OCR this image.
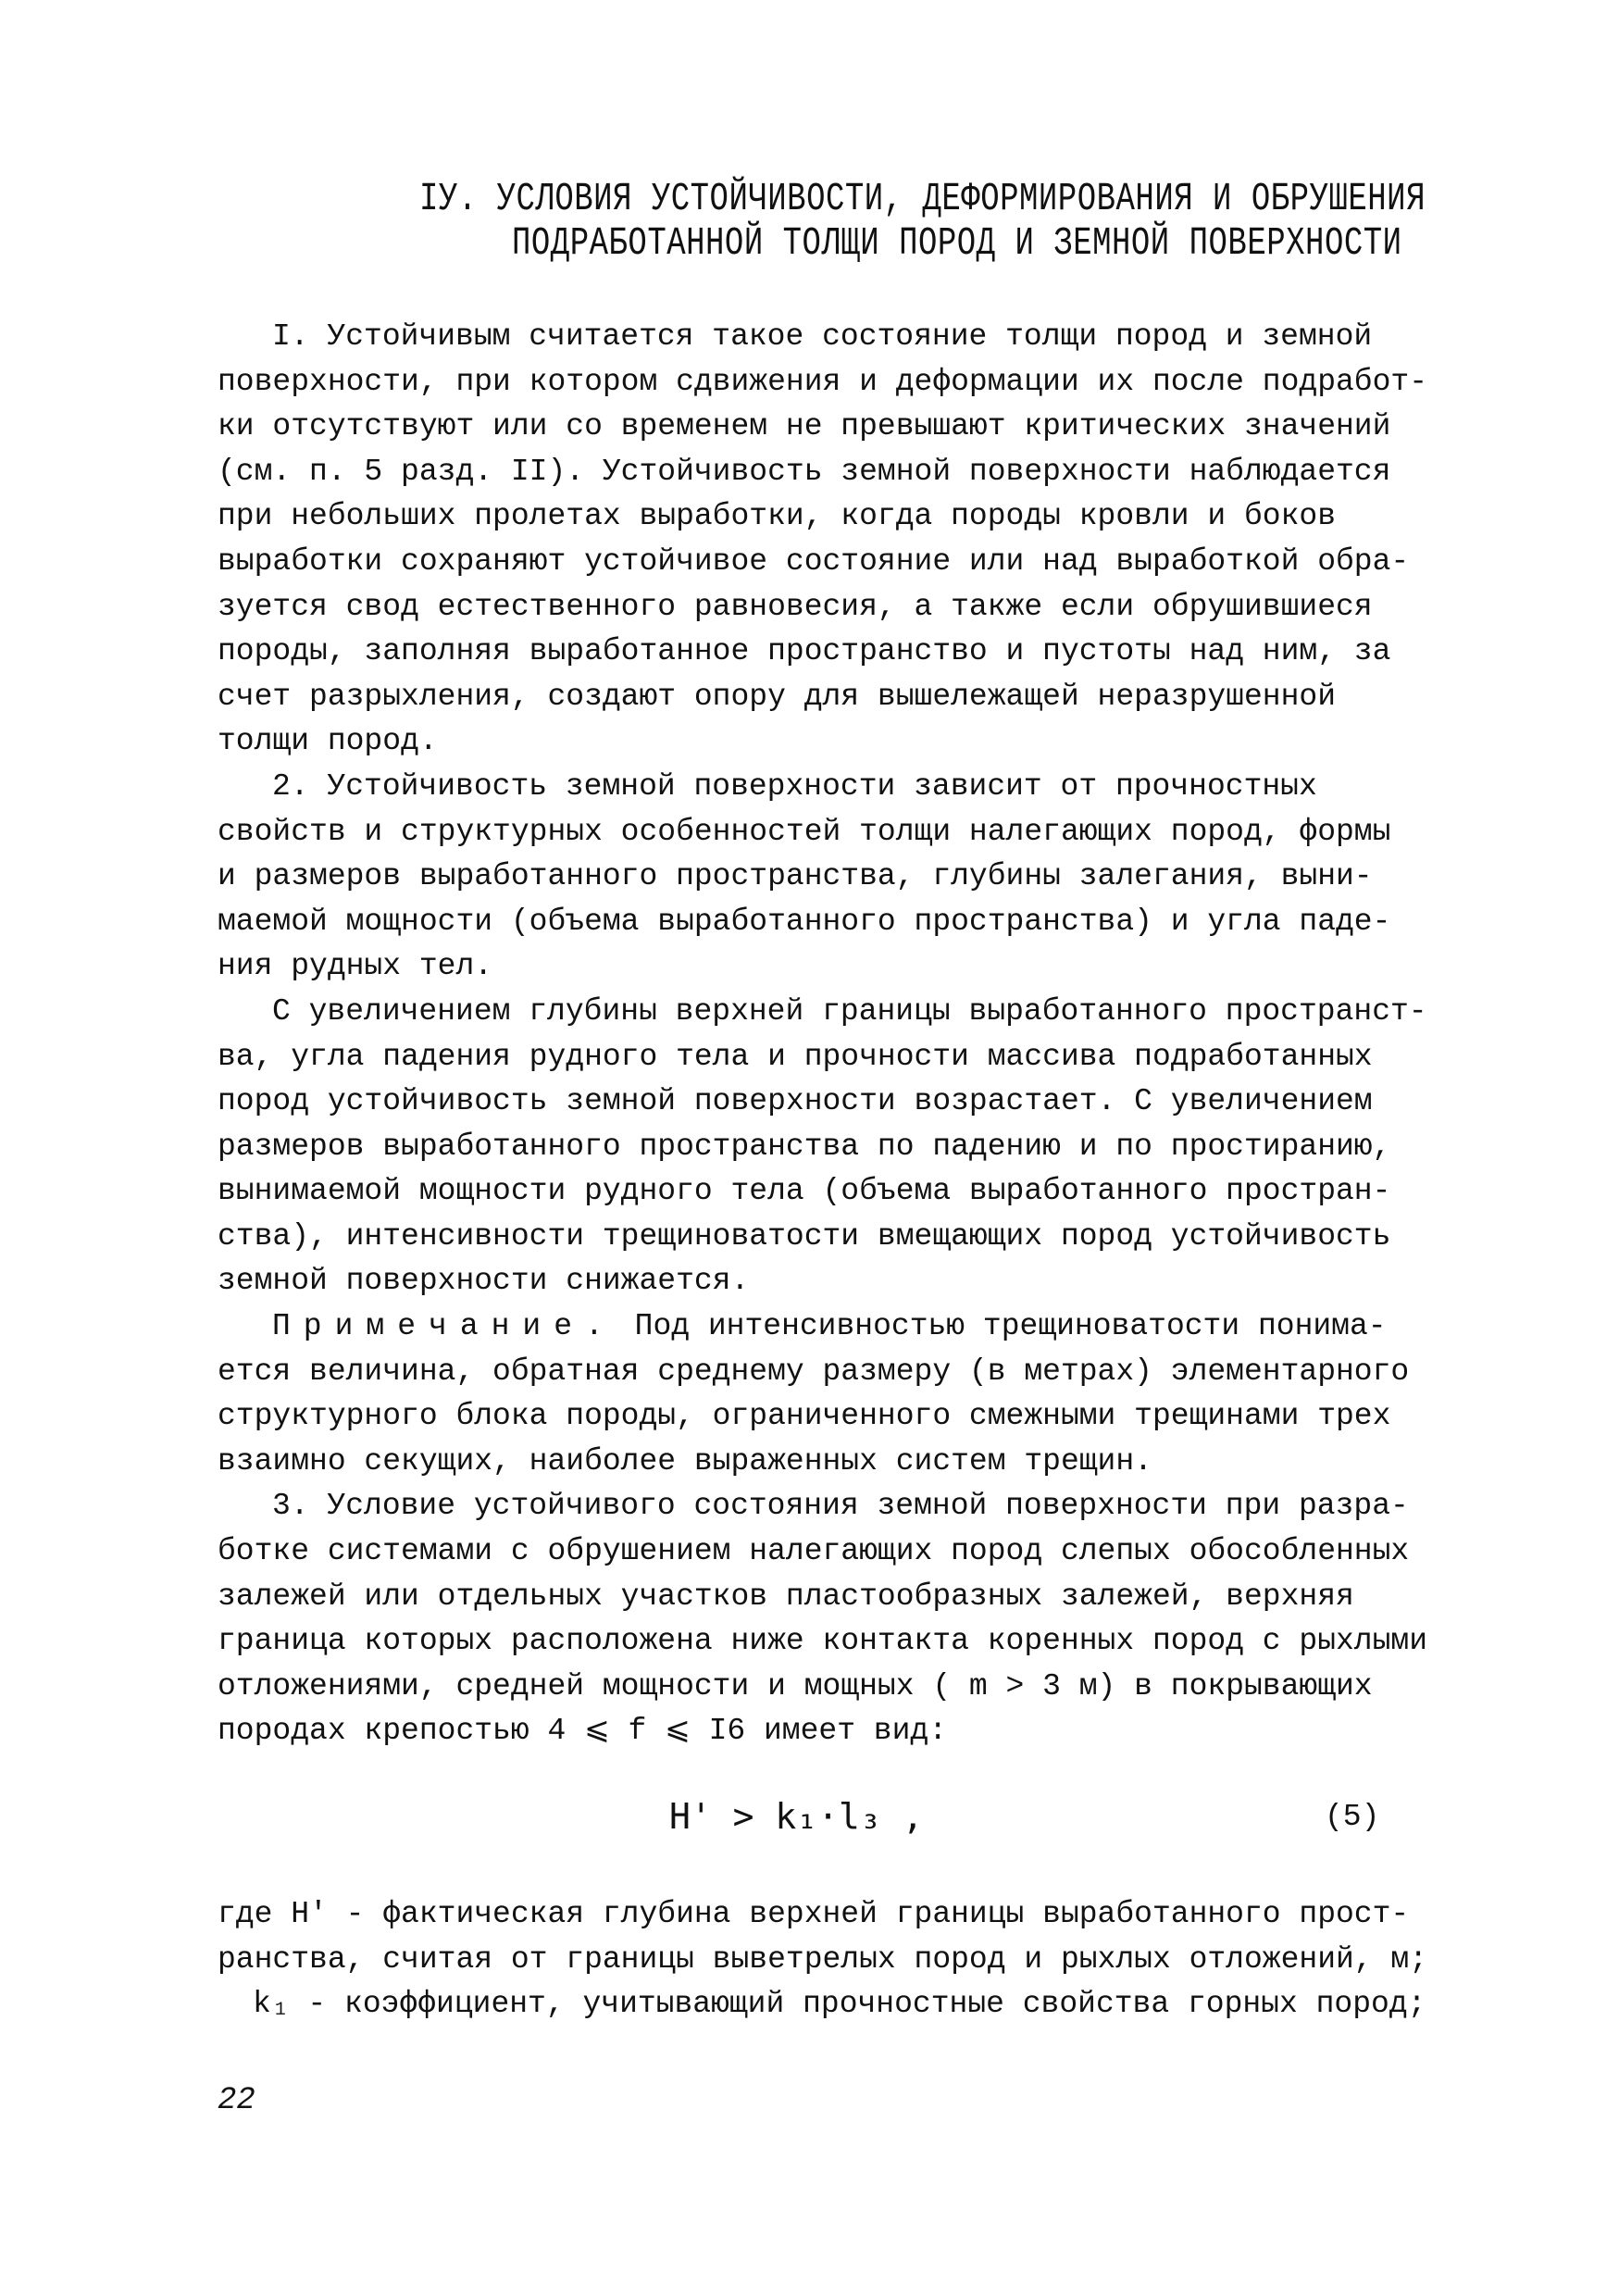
IУ. УСЛОВИЯ УСТОЙЧИВОСТИ, ДЕФОРМИРОВАНИЯ И ОБРУШЕНИЯ
ПОДРАБОТАННОЙ ТОЛЩИ ПОРОД И ЗЕМНОЙ ПОВЕРХНОСТИ
I. Устойчивым считается такое состояние толщи пород и земной
поверхности, при котором сдвижения и деформации их после подработ-
ки отсутствуют или со временем не превышают критических значений
(см. п. 5 разд. II). Устойчивость земной поверхности наблюдается
при небольших пролетах выработки, когда породы кровли и боков
выработки сохраняют устойчивое состояние или над выработкой обра-
зуется свод естественного равновесия, а также если обрушившиеся
породы, заполняя выработанное пространство и пустоты над ним, за
счет разрыхления, создают опору для вышележащей неразрушенной
толщи пород.
2. Устойчивость земной поверхности зависит от прочностных
свойств и структурных особенностей толщи налегающих пород, формы
и размеров выработанного пространства, глубины залегания, выни-
маемой мощности (объема выработанного пространства) и угла паде-
ния рудных тел.
С увеличением глубины верхней границы выработанного пространст-
ва, угла падения рудного тела и прочности массива подработанных
пород устойчивость земной поверхности возрастает. С увеличением
размеров выработанного пространства по падению и по простиранию,
вынимаемой мощности рудного тела (объема выработанного простран-
ства), интенсивности трещиноватости вмещающих пород устойчивость
земной поверхности снижается.
Примечание. Под интенсивностью трещиноватости понима-
ется величина, обратная среднему размеру (в метрах) элементарного
структурного блока породы, ограниченного смежными трещинами трех
взаимно секущих, наиболее выраженных систем трещин.
3. Условие устойчивого состояния земной поверхности при разра-
ботке системами с обрушением налегающих пород слепых обособленных
залежей или отдельных участков пластообразных залежей, верхняя
граница которых расположена ниже контакта коренных пород с рыхлыми
отложениями, средней мощности и мощных ( m > 3 м) в покрывающих
породах крепостью 4 ⩽ f ⩽ I6 имеет вид:
H' > k₁·l₃ ,	(5)
где H' - фактическая глубина верхней границы выработанного прост-
ранства, считая от границы выветрелых пород и рыхлых отложений, м;
k₁ - коэффициент, учитывающий прочностные свойства горных пород;
22
